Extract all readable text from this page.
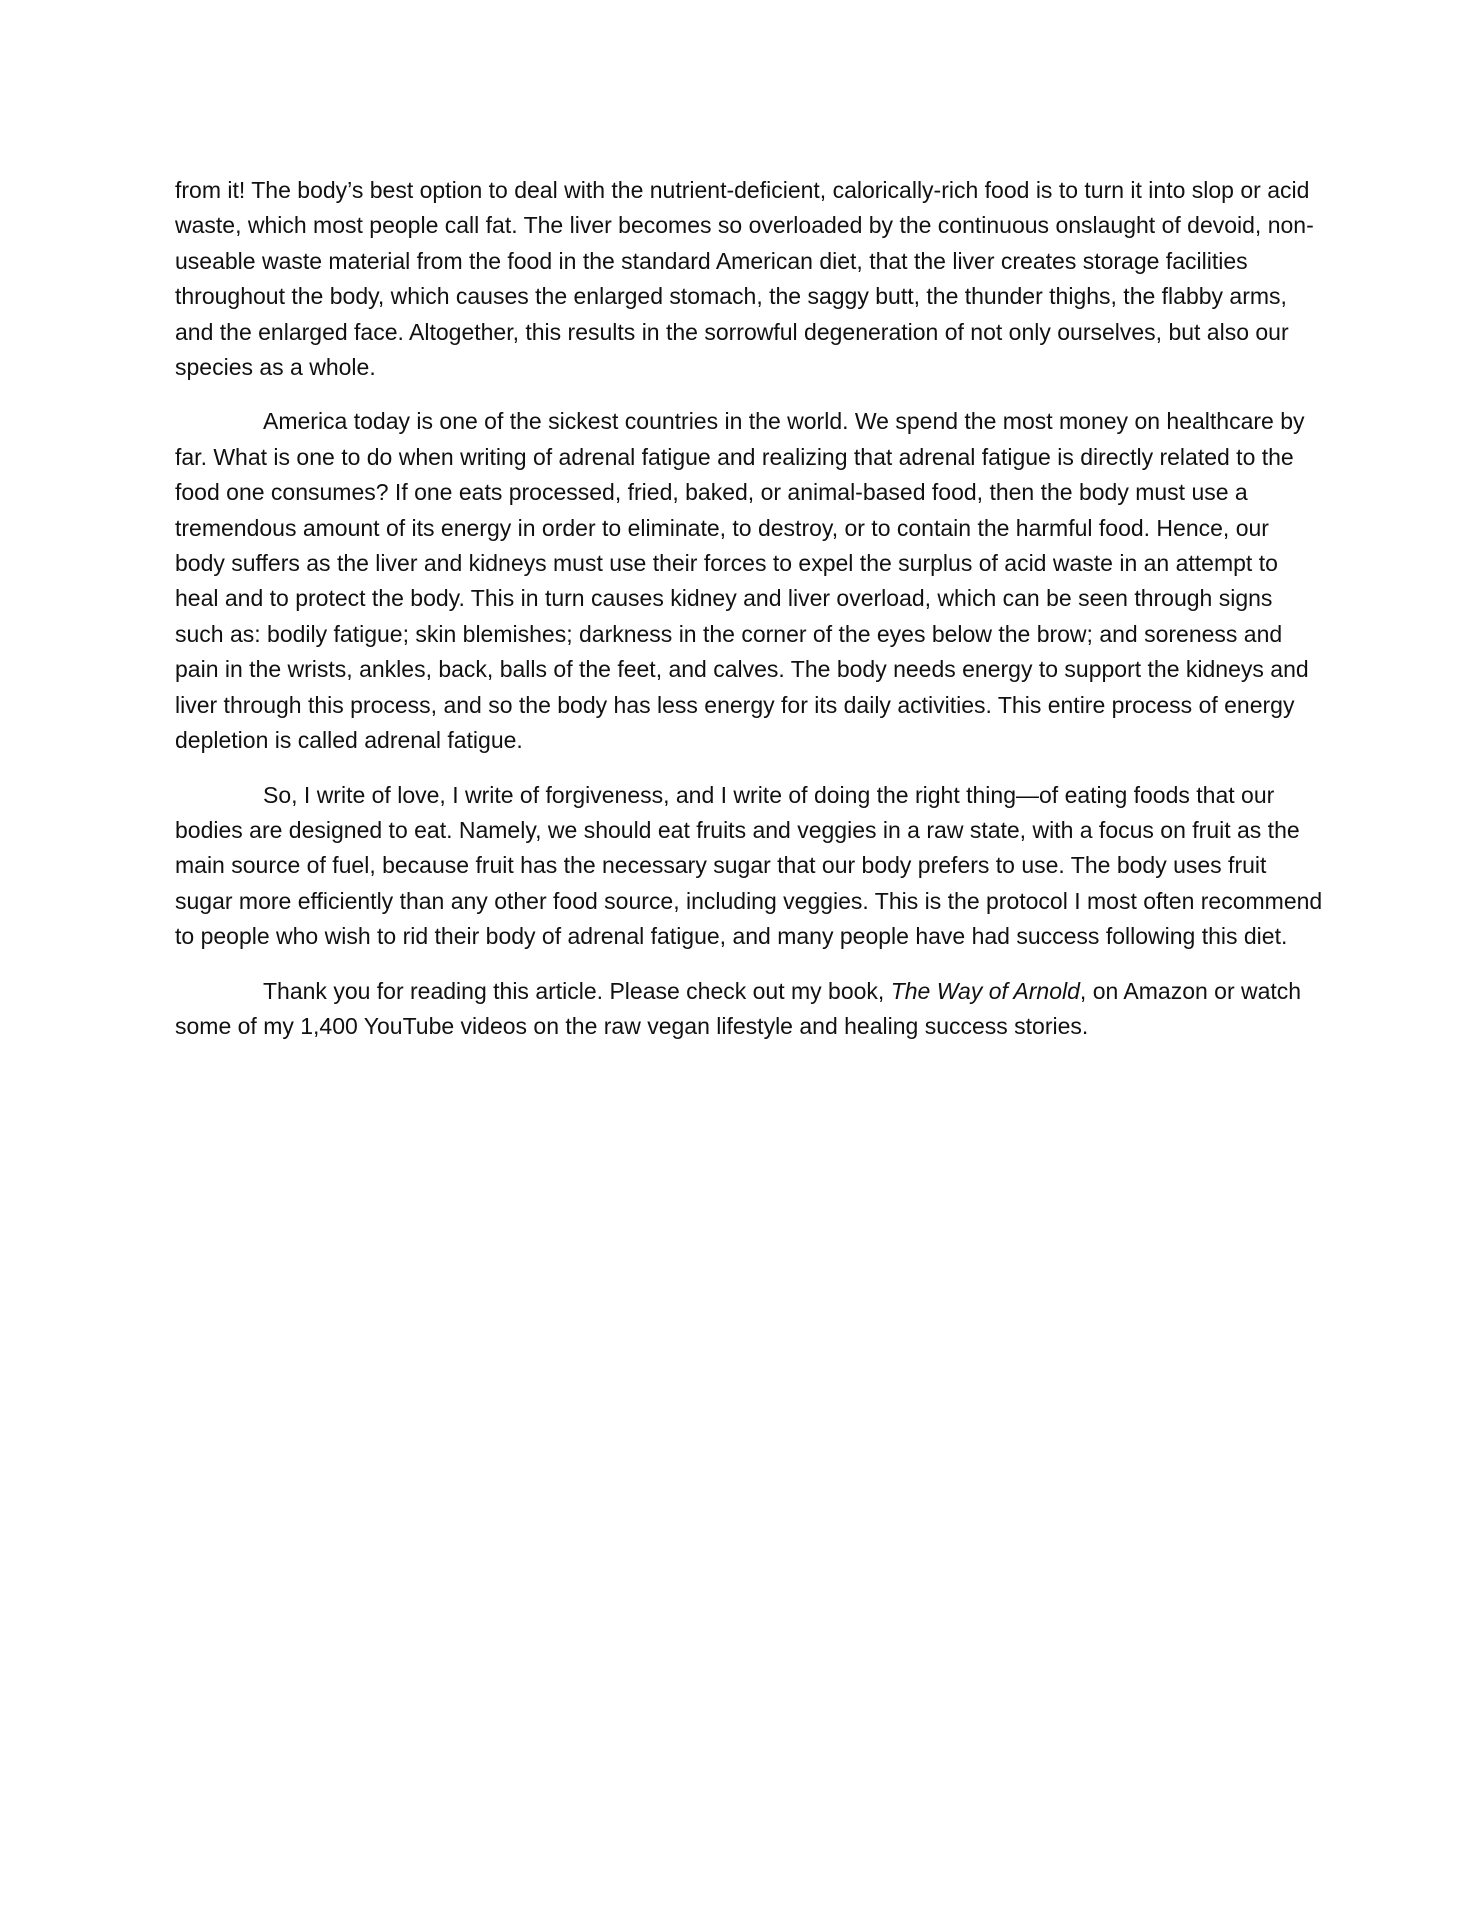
from it! The body’s best option to deal with the nutrient-deficient, calorically-rich food is to turn it into slop or acid waste, which most people call fat. The liver becomes so overloaded by the continuous onslaught of devoid, non-useable waste material from the food in the standard American diet, that the liver creates storage facilities throughout the body, which causes the enlarged stomach, the saggy butt, the thunder thighs, the flabby arms, and the enlarged face. Altogether, this results in the sorrowful degeneration of not only ourselves, but also our species as a whole.

America today is one of the sickest countries in the world. We spend the most money on healthcare by far. What is one to do when writing of adrenal fatigue and realizing that adrenal fatigue is directly related to the food one consumes? If one eats processed, fried, baked, or animal-based food, then the body must use a tremendous amount of its energy in order to eliminate, to destroy, or to contain the harmful food. Hence, our body suffers as the liver and kidneys must use their forces to expel the surplus of acid waste in an attempt to heal and to protect the body. This in turn causes kidney and liver overload, which can be seen through signs such as: bodily fatigue; skin blemishes; darkness in the corner of the eyes below the brow; and soreness and pain in the wrists, ankles, back, balls of the feet, and calves. The body needs energy to support the kidneys and liver through this process, and so the body has less energy for its daily activities. This entire process of energy depletion is called adrenal fatigue.

So, I write of love, I write of forgiveness, and I write of doing the right thing—of eating foods that our bodies are designed to eat. Namely, we should eat fruits and veggies in a raw state, with a focus on fruit as the main source of fuel, because fruit has the necessary sugar that our body prefers to use. The body uses fruit sugar more efficiently than any other food source, including veggies. This is the protocol I most often recommend to people who wish to rid their body of adrenal fatigue, and many people have had success following this diet.

Thank you for reading this article. Please check out my book, The Way of Arnold, on Amazon or watch some of my 1,400 YouTube videos on the raw vegan lifestyle and healing success stories.
